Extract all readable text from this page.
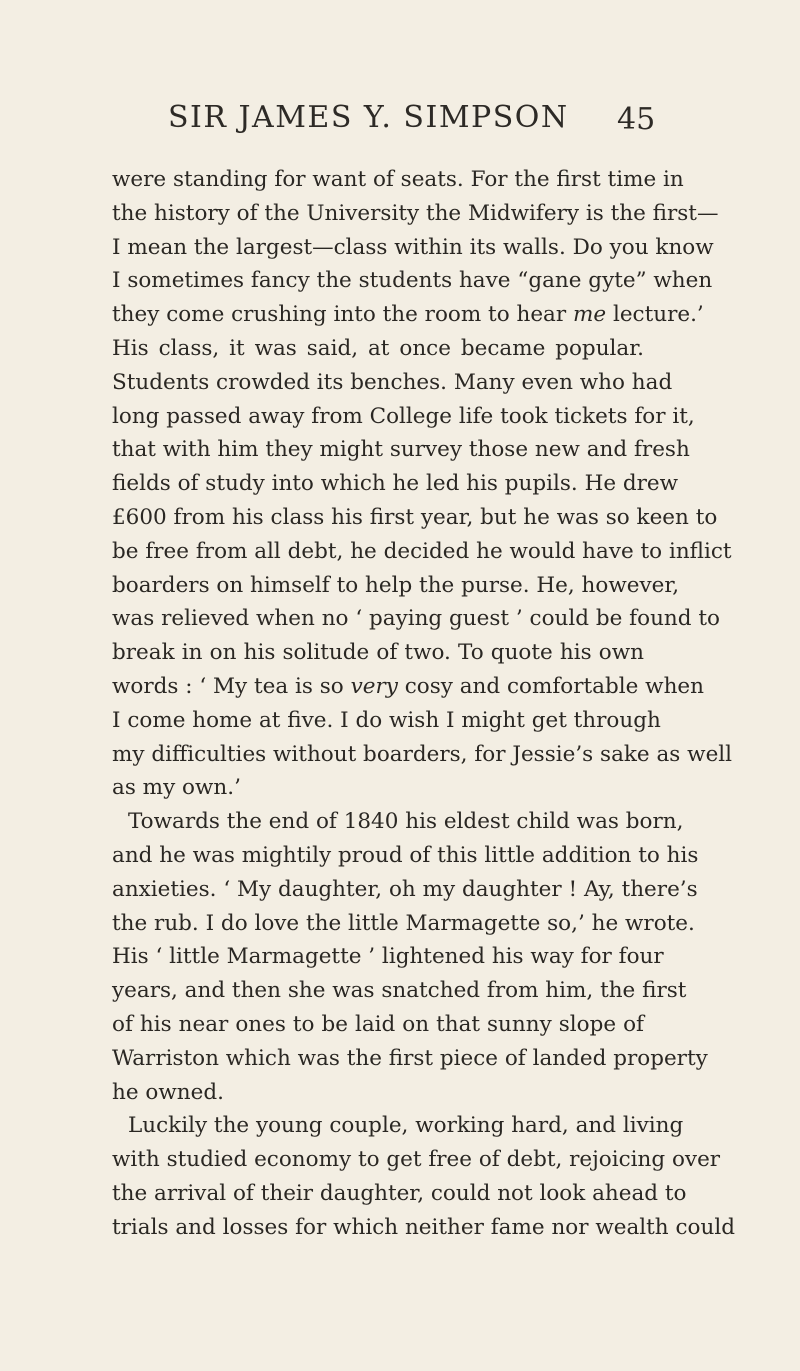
SIR JAMES Y. SIMPSON 45
were standing for want of seats. For the first time in
the history of the University the Midwifery is the first—
I mean the largest—class within its walls. Do you know
I sometimes fancy the students have “gane gyte” when
they come crushing into the room to hear me lecture.’
His class, it was said, at once became popular.
Students crowded its benches. Many even who had
long passed away from College life took tickets for it,
that with him they might survey those new and fresh
fields of study into which he led his pupils. He drew
£600 from his class his first year, but he was so keen to
be free from all debt, he decided he would have to inflict
boarders on himself to help the purse. He, however,
was relieved when no ‘ paying guest ’ could be found to
break in on his solitude of two. To quote his own
words : ‘ My tea is so very cosy and comfortable when
I come home at five. I do wish I might get through
my difficulties without boarders, for Jessie’s sake as well
as my own.’
Towards the end of 1840 his eldest child was born,
and he was mightily proud of this little addition to his
anxieties. ‘ My daughter, oh my daughter ! Ay, there’s
the rub. I do love the little Marmagette so,’ he wrote.
His ‘ little Marmagette ’ lightened his way for four
years, and then she was snatched from him, the first
of his near ones to be laid on that sunny slope of
Warriston which was the first piece of landed property
he owned.
Luckily the young couple, working hard, and living
with studied economy to get free of debt, rejoicing over
the arrival of their daughter, could not look ahead to
trials and losses for which neither fame nor wealth could
